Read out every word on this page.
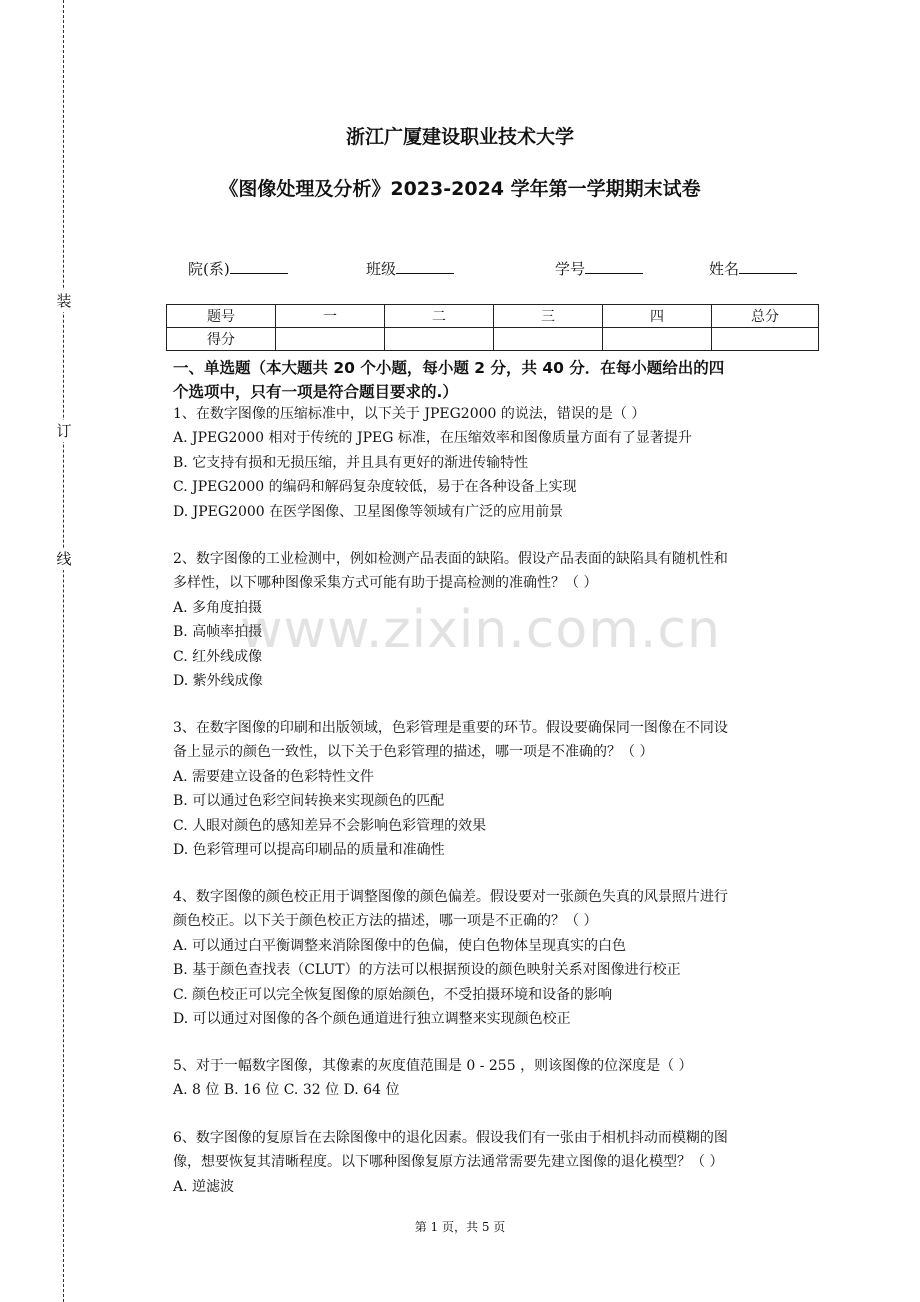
装
订
线
浙江广厦建设职业技术大学
《图像处理及分析》2023-2024 学年第一学期期末试卷
院(系)	班级	学号	姓名
题号	一	二	三	四	总分
得分					
一、单选题（本大题共 20 个小题，每小题 2 分，共 40 分．在每小题给出的四
个选项中，只有一项是符合题目要求的.）

1、在数字图像的压缩标准中，以下关于 JPEG2000 的说法，错误的是（ ）

A. JPEG2000 相对于传统的 JPEG 标准，在压缩效率和图像质量方面有了显著提升

B. 它支持有损和无损压缩，并且具有更好的渐进传输特性

C. JPEG2000 的编码和解码复杂度较低，易于在各种设备上实现

D. JPEG2000 在医学图像、卫星图像等领域有广泛的应用前景

2、数字图像的工业检测中，例如检测产品表面的缺陷。假设产品表面的缺陷具有随机性和

多样性，以下哪种图像采集方式可能有助于提高检测的准确性？（ ）

A. 多角度拍摄

B. 高帧率拍摄

C. 红外线成像

D. 紫外线成像

3、在数字图像的印刷和出版领域，色彩管理是重要的环节。假设要确保同一图像在不同设

备上显示的颜色一致性，以下关于色彩管理的描述，哪一项是不准确的？（ ）

A. 需要建立设备的色彩特性文件

B. 可以通过色彩空间转换来实现颜色的匹配

C. 人眼对颜色的感知差异不会影响色彩管理的效果

D. 色彩管理可以提高印刷品的质量和准确性

4、数字图像的颜色校正用于调整图像的颜色偏差。假设要对一张颜色失真的风景照片进行

颜色校正。以下关于颜色校正方法的描述，哪一项是不正确的？（ ）

A. 可以通过白平衡调整来消除图像中的色偏，使白色物体呈现真实的白色

B. 基于颜色查找表（CLUT）的方法可以根据预设的颜色映射关系对图像进行校正

C. 颜色校正可以完全恢复图像的原始颜色，不受拍摄环境和设备的影响

D. 可以通过对图像的各个颜色通道进行独立调整来实现颜色校正

5、对于一幅数字图像，其像素的灰度值范围是 0 - 255 ，则该图像的位深度是（ ）

A. 8 位 B. 16 位 C. 32 位 D. 64 位

6、数字图像的复原旨在去除图像中的退化因素。假设我们有一张由于相机抖动而模糊的图

像，想要恢复其清晰程度。以下哪种图像复原方法通常需要先建立图像的退化模型？（ ）

A. 逆滤波

www.zixin.com.cn
第 1 页，共 5 页
